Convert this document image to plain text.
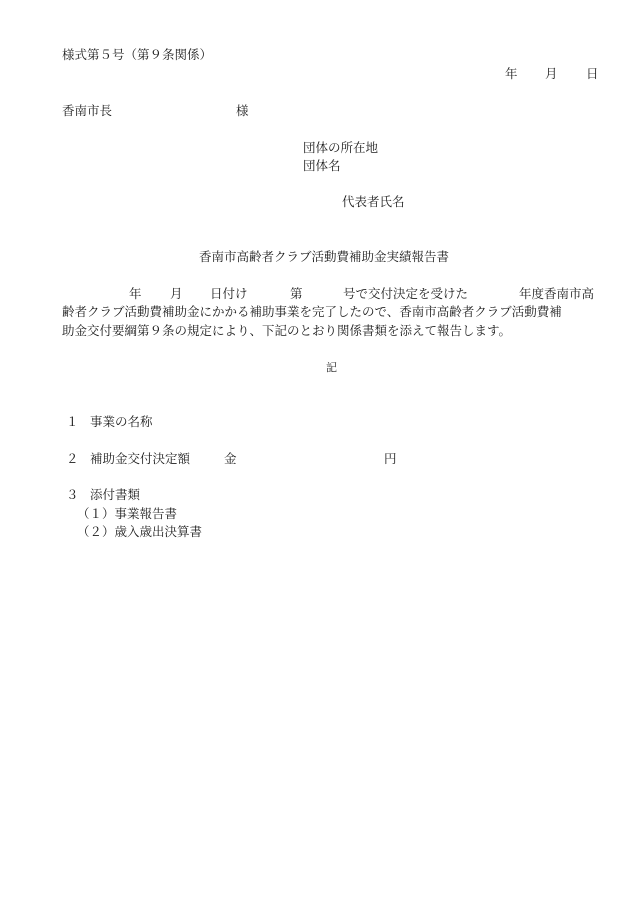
様式第５号（第９条関係）
年 月 日
香南市長	様
団体の所在地
団体名
代表者氏名
香南市高齢者クラブ活動費補助金実績報告書
年 月 日付け	第	号で交付決定を受けた	年度香南市高
齢者クラブ活動費補助金にかかる補助事業を完了したので、香南市高齢者クラブ活動費補
助金交付要綱第９条の規定により、下記のとおり関係書類を添えて報告します。
記
１ 事業の名称
２ 補助金交付決定額	金	円
３ 添付書類
（１）事業報告書
（２）歳入歳出決算書
